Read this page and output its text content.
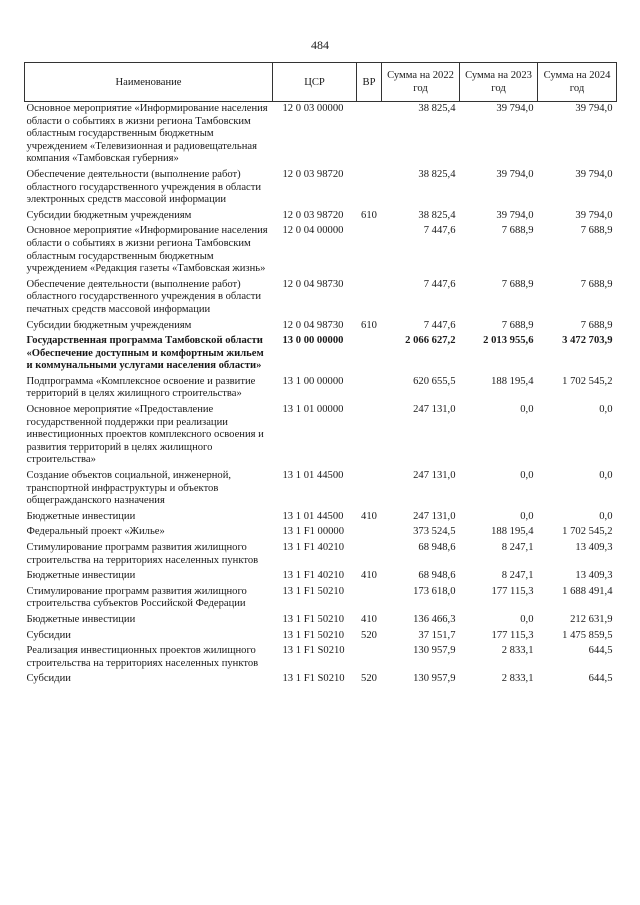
484
Наименование	ЦСР	ВР	Сумма на 2022 год	Сумма на 2023 год	Сумма на 2024 год
Основное мероприятие «Информирование населения области о событиях в жизни региона Тамбовским областным государственным бюджетным учреждением «Телевизионная и радиовещательная компания «Тамбовская губерния»	12 0 03 00000		38 825,4	39 794,0	39 794,0
Обеспечение деятельности (выполнение работ) областного государственного учреждения в области электронных средств массовой информации	12 0 03 98720		38 825,4	39 794,0	39 794,0
Субсидии бюджетным учреждениям	12 0 03 98720	610	38 825,4	39 794,0	39 794,0
Основное мероприятие «Информирование населения области о событиях в жизни региона Тамбовским областным государственным бюджетным учреждением «Редакция газеты «Тамбовская жизнь»	12 0 04 00000		7 447,6	7 688,9	7 688,9
Обеспечение деятельности (выполнение работ) областного государственного учреждения в области печатных средств массовой информации	12 0 04 98730		7 447,6	7 688,9	7 688,9
Субсидии бюджетным учреждениям	12 0 04 98730	610	7 447,6	7 688,9	7 688,9
Государственная программа Тамбовской области «Обеспечение доступным и комфортным жильем и коммунальными услугами населения области»	13 0 00 00000		2 066 627,2	2 013 955,6	3 472 703,9
Подпрограмма «Комплексное освоение и развитие территорий в целях жилищного строительства»	13 1 00 00000		620 655,5	188 195,4	1 702 545,2
Основное мероприятие «Предоставление государственной поддержки при реализации инвестиционных проектов комплексного освоения и развития территорий в целях жилищного строительства»	13 1 01 00000		247 131,0	0,0	0,0
Создание объектов социальной, инженерной, транспортной инфраструктуры и объектов общегражданского назначения	13 1 01 44500		247 131,0	0,0	0,0
Бюджетные инвестиции	13 1 01 44500	410	247 131,0	0,0	0,0
Федеральный проект «Жилье»	13 1 F1 00000		373 524,5	188 195,4	1 702 545,2
Стимулирование программ развития жилищного строительства на территориях населенных пунктов	13 1 F1 40210		68 948,6	8 247,1	13 409,3
Бюджетные инвестиции	13 1 F1 40210	410	68 948,6	8 247,1	13 409,3
Стимулирование программ развития жилищного строительства субъектов Российской Федерации	13 1 F1 50210		173 618,0	177 115,3	1 688 491,4
Бюджетные инвестиции	13 1 F1 50210	410	136 466,3	0,0	212 631,9
Субсидии	13 1 F1 50210	520	37 151,7	177 115,3	1 475 859,5
Реализация инвестиционных проектов жилищного строительства на территориях населенных пунктов	13 1 F1 S0210		130 957,9	2 833,1	644,5
Субсидии	13 1 F1 S0210	520	130 957,9	2 833,1	644,5
